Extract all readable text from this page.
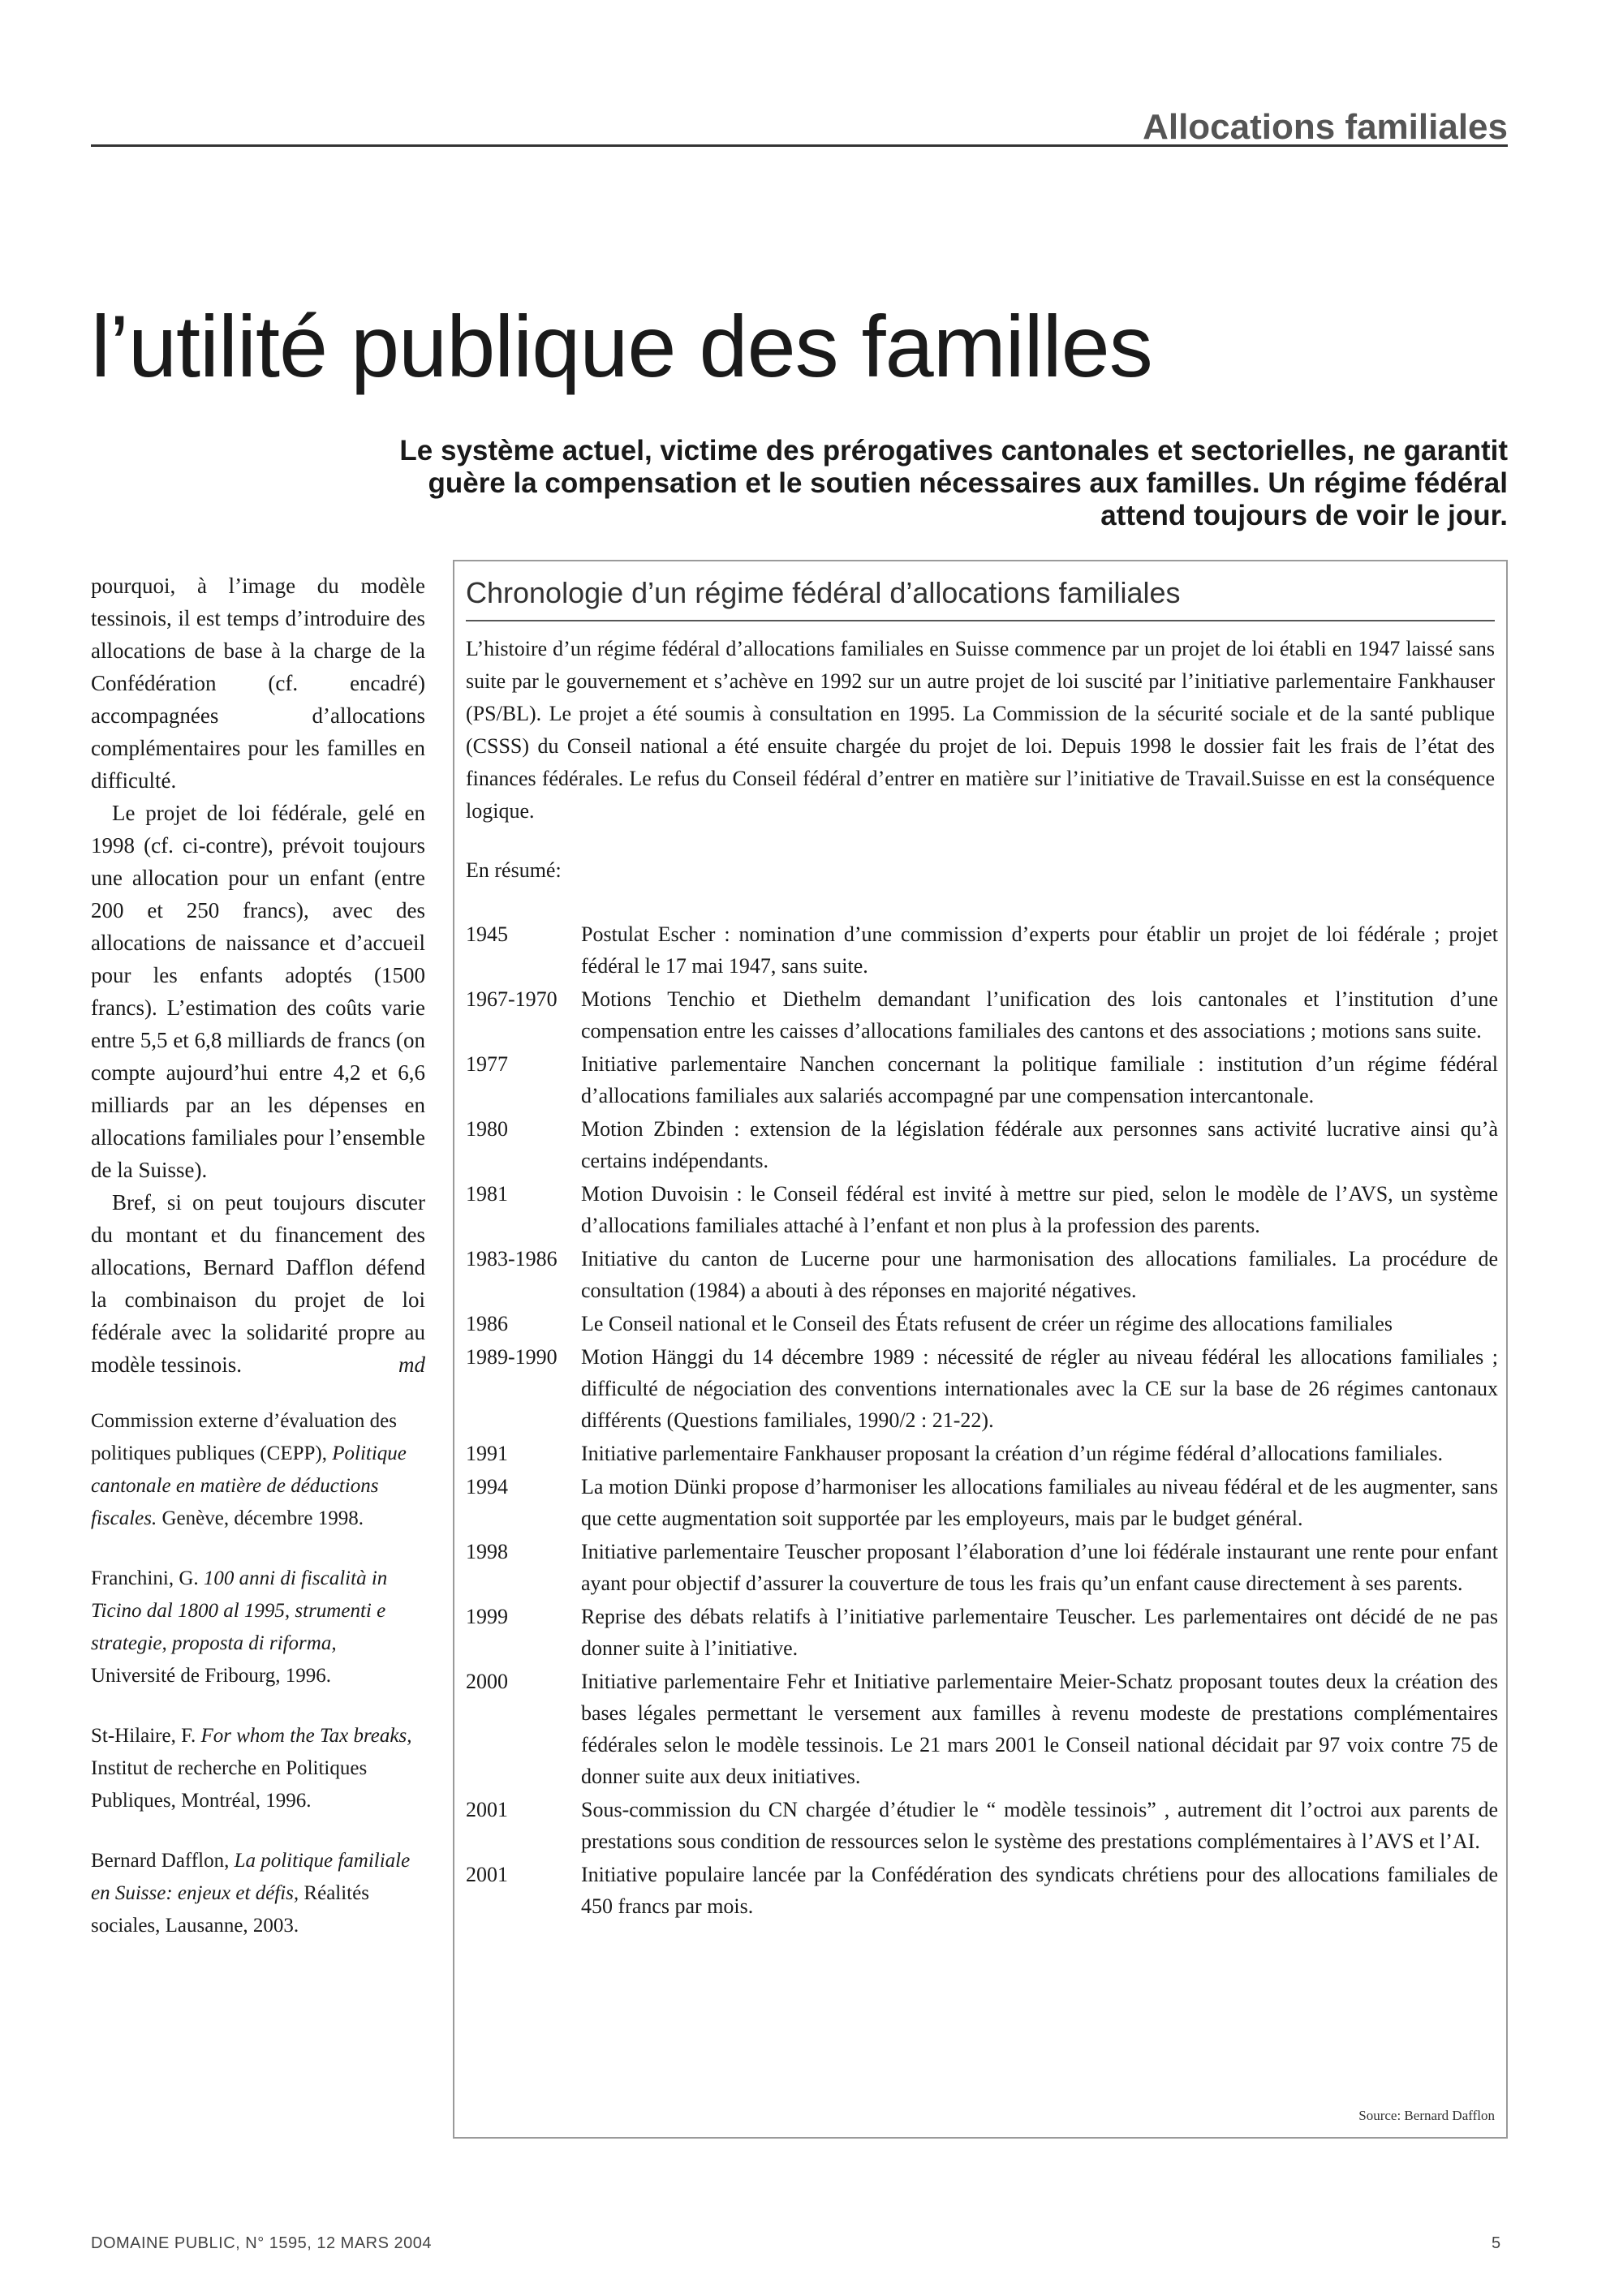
Allocations familiales
l’utilité publique des familles
Le système actuel, victime des prérogatives cantonales et sectorielles, ne garantit guère la compensation et le soutien nécessaires aux familles. Un régime fédéral attend toujours de voir le jour.

pourquoi, à l’image du modèle tessinois, il est temps d’introduire des allocations de base à la charge de la Confédération (cf. encadré) accompagnées d’allocations complémentaires pour les familles en difficulté.

Le projet de loi fédérale, gelé en 1998 (cf. ci-contre), prévoit toujours une allocation pour un enfant (entre 200 et 250 francs), avec des allocations de naissance et d’accueil pour les enfants adoptés (1500 francs). L’estimation des coûts varie entre 5,5 et 6,8 milliards de francs (on compte aujourd’hui entre 4,2 et 6,6 milliards par an les dépenses en allocations familiales pour l’ensemble de la Suisse).

Bref, si on peut toujours discuter du montant et du financement des allocations, Bernard Dafflon défend la combinaison du projet de loi fédérale avec la solidarité propre au modèle tessinois.	md

Commission externe d’évaluation des politiques publiques (CEPP), Politique cantonale en matière de déductions fiscales. Genève, décembre 1998.
Franchini, G. 100 anni di fiscalità in Ticino dal 1800 al 1995, strumenti e strategie, proposta di riforma, Université de Fribourg, 1996.
St-Hilaire, F. For whom the Tax breaks, Institut de recherche en Politiques Publiques, Montréal, 1996.
Bernard Dafflon, La politique familiale en Suisse: enjeux et défis, Réalités sociales, Lausanne, 2003.
Chronologie d’un régime fédéral d’allocations familiales
L’histoire d’un régime fédéral d’allocations familiales en Suisse commence par un projet de loi établi en 1947 laissé sans suite par le gouvernement et s’achève en 1992 sur un autre projet de loi suscité par l’initiative parlementaire Fankhauser (PS/BL). Le projet a été soumis à consultation en 1995. La Commission de la sécurité sociale et de la santé publique (CSSS) du Conseil national a été ensuite chargée du projet de loi. Depuis 1998 le dossier fait les frais de l’état des finances fédérales. Le refus du Conseil fédéral d’entrer en matière sur l’initiative de Travail.Suisse en est la conséquence logique.
En résumé:
1945	Postulat Escher : nomination d’une commission d’experts pour établir un projet de loi fédérale ; projet fédéral le 17 mai 1947, sans suite.
1967-1970	Motions Tenchio et Diethelm demandant l’unification des lois cantonales et l’institution d’une compensation entre les caisses d’allocations familiales des cantons et des associations ; motions sans suite.
1977	Initiative parlementaire Nanchen concernant la politique familiale : institution d’un régime fédéral d’allocations familiales aux salariés accompagné par une compensation intercantonale.
1980	Motion Zbinden : extension de la législation fédérale aux personnes sans activité lucrative ainsi qu’à certains indépendants.
1981	Motion Duvoisin : le Conseil fédéral est invité à mettre sur pied, selon le modèle de l’AVS, un système d’allocations familiales attaché à l’enfant et non plus à la profession des parents.
1983-1986	Initiative du canton de Lucerne pour une harmonisation des allocations familiales. La procédure de consultation (1984) a abouti à des réponses en majorité négatives.
1986	Le Conseil national et le Conseil des États refusent de créer un régime des allocations familiales
1989-1990	Motion Hänggi du 14 décembre 1989 : nécessité de régler au niveau fédéral les allocations familiales ; difficulté de négociation des conventions internationales avec la CE sur la base de 26 régimes cantonaux différents (Questions familiales, 1990/2 : 21-22).
1991	Initiative parlementaire Fankhauser proposant la création d’un régime fédéral d’allocations familiales.
1994	La motion Dünki propose d’harmoniser les allocations familiales au niveau fédéral et de les augmenter, sans que cette augmentation soit supportée par les employeurs, mais par le budget général.
1998	Initiative parlementaire Teuscher proposant l’élaboration d’une loi fédérale instaurant une rente pour enfant ayant pour objectif d’assurer la couverture de tous les frais qu’un enfant cause directement à ses parents.
1999	Reprise des débats relatifs à l’initiative parlementaire Teuscher. Les parlementaires ont décidé de ne pas donner suite à l’initiative.
2000	Initiative parlementaire Fehr et Initiative parlementaire Meier-Schatz proposant toutes deux la création des bases légales permettant le versement aux familles à revenu modeste de prestations complémentaires fédérales selon le modèle tessinois. Le 21 mars 2001 le Conseil national décidait par 97 voix contre 75 de donner suite aux deux initiatives.
2001	Sous-commission du CN chargée d’étudier le “ modèle tessinois” , autrement dit l’octroi aux parents de prestations sous condition de ressources selon le système des prestations complémentaires à l’AVS et l’AI.
2001	Initiative populaire lancée par la Confédération des syndicats chrétiens pour des allocations familiales de 450 francs par mois.
Source: Bernard Dafflon
DOMAINE PUBLIC, N° 1595, 12 MARS 2004	5
